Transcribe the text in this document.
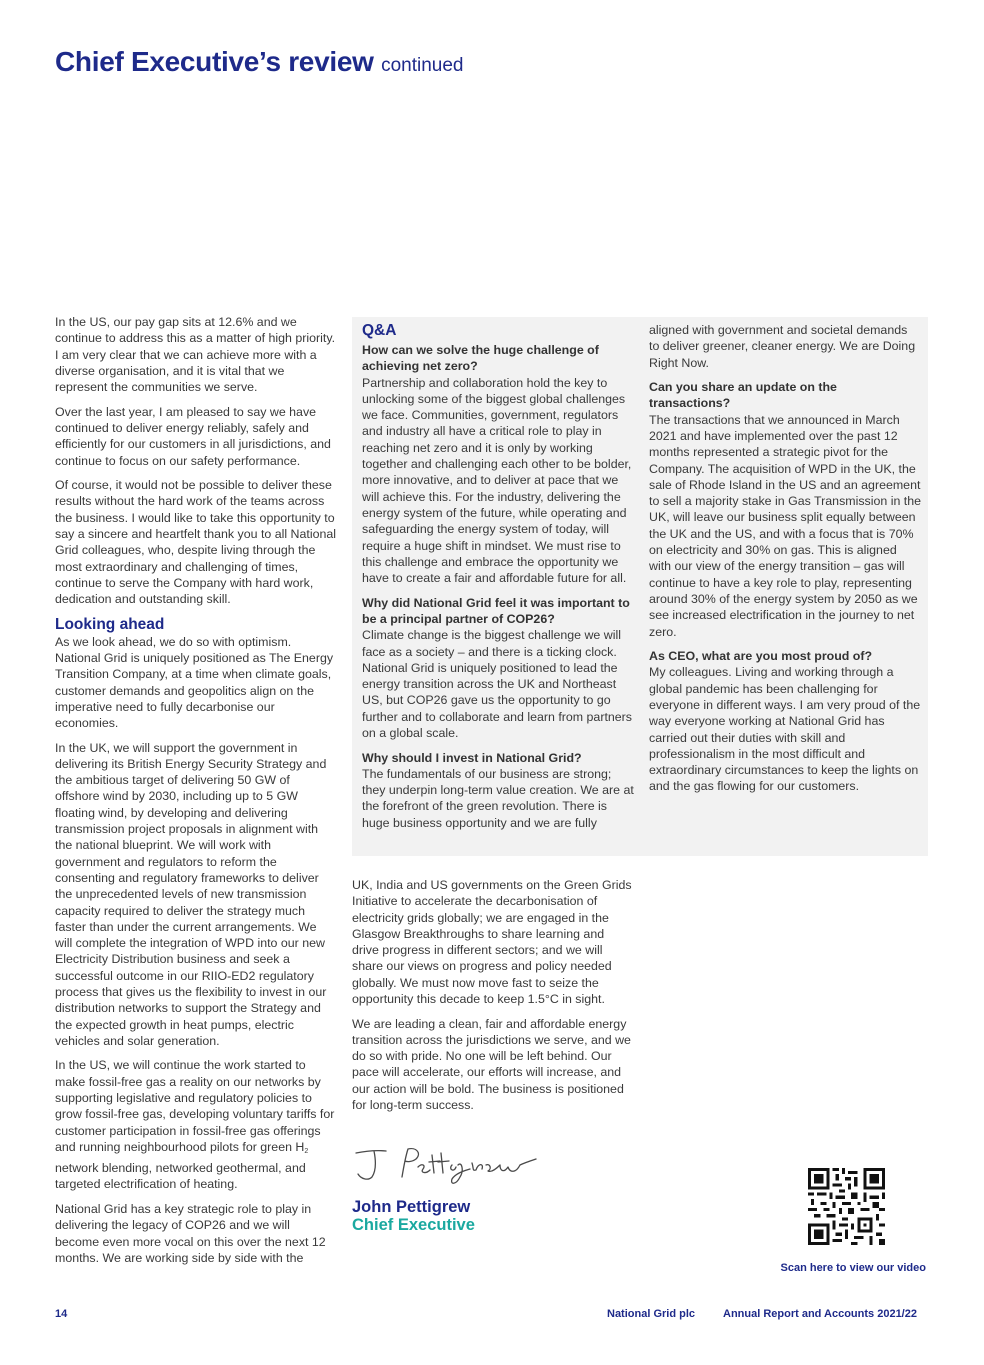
Chief Executive’s review continued

In the US, our pay gap sits at 12.6% and we continue to address this as a matter of high priority. I am very clear that we can achieve more with a diverse organisation, and it is vital that we represent the communities we serve.

Over the last year, I am pleased to say we have continued to deliver energy reliably, safely and efficiently for our customers in all jurisdictions, and continue to focus on our safety performance.

Of course, it would not be possible to deliver these results without the hard work of the teams across the business. I would like to take this opportunity to say a sincere and heartfelt thank you to all National Grid colleagues, who, despite living through the most extraordinary and challenging of times, continue to serve the Company with hard work, dedication and outstanding skill.

Looking ahead

As we look ahead, we do so with optimism. National Grid is uniquely positioned as The Energy Transition Company, at a time when climate goals, customer demands and geopolitics align on the imperative need to fully decarbonise our economies.

In the UK, we will support the government in delivering its British Energy Security Strategy and the ambitious target of delivering 50 GW of offshore wind by 2030, including up to 5 GW floating wind, by developing and delivering transmission project proposals in alignment with the national blueprint. We will work with government and regulators to reform the consenting and regulatory frameworks to deliver the unprecedented levels of new transmission capacity required to deliver the strategy much faster than under the current arrangements. We will complete the integration of WPD into our new Electricity Distribution business and seek a successful outcome in our RIIO-ED2 regulatory process that gives us the flexibility to invest in our distribution networks to support the Strategy and the expected growth in heat pumps, electric vehicles and solar generation.

In the US, we will continue the work started to make fossil-free gas a reality on our networks by supporting legislative and regulatory policies to grow fossil-free gas, developing voluntary tariffs for customer participation in fossil-free gas offerings and running neighbourhood pilots for green $H_2$ network blending, networked geothermal, and targeted electrification of heating.

National Grid has a key strategic role to play in delivering the legacy of COP26 and we will become even more vocal on this over the next 12 months. We are working side by side with the

Q&A
How can we solve the huge challenge of achieving net zero?

Partnership and collaboration hold the key to unlocking some of the biggest global challenges we face. Communities, government, regulators and industry all have a critical role to play in reaching net zero and it is only by working together and challenging each other to be bolder, more innovative, and to deliver at pace that we will achieve this. For the industry, delivering the energy system of the future, while operating and safeguarding the energy system of today, will require a huge shift in mindset. We must rise to this challenge and embrace the opportunity we have to create a fair and affordable future for all.

Why did National Grid feel it was important to be a principal partner of COP26?

Climate change is the biggest challenge we will face as a society – and there is a ticking clock. National Grid is uniquely positioned to lead the energy transition across the UK and Northeast US, but COP26 gave us the opportunity to go further and to collaborate and learn from partners on a global scale.

Why should I invest in National Grid?

The fundamentals of our business are strong; they underpin long-term value creation. We are at the forefront of the green revolution. There is huge business opportunity and we are fully

aligned with government and societal demands to deliver greener, cleaner energy. We are Doing Right Now.

Can you share an update on the transactions?

The transactions that we announced in March 2021 and have implemented over the past 12 months represented a strategic pivot for the Company. The acquisition of WPD in the UK, the sale of Rhode Island in the US and an agreement to sell a majority stake in Gas Transmission in the UK, will leave our business split equally between the UK and the US, and with a focus that is 70% on electricity and 30% on gas. This is aligned with our view of the energy transition – gas will continue to have a key role to play, representing around 30% of the energy system by 2050 as we see increased electrification in the journey to net zero.

As CEO, what are you most proud of?

My colleagues. Living and working through a global pandemic has been challenging for everyone in different ways. I am very proud of the way everyone working at National Grid has carried out their duties with skill and professionalism in the most difficult and extraordinary circumstances to keep the lights on and the gas flowing for our customers.

UK, India and US governments on the Green Grids Initiative to accelerate the decarbonisation of electricity grids globally; we are engaged in the Glasgow Breakthroughs to share learning and drive progress in different sectors; and we will share our views on progress and policy needed globally. We must now move fast to seize the opportunity this decade to keep 1.5°C in sight.

We are leading a clean, fair and affordable energy transition across the jurisdictions we serve, and we do so with pride. No one will be left behind. Our pace will accelerate, our efforts will increase, and our action will be bold. The business is positioned for long-term success.

John Pettigrew
Chief Executive
Scan here to view our video
14	National Grid plc	Annual Report and Accounts 2021/22
